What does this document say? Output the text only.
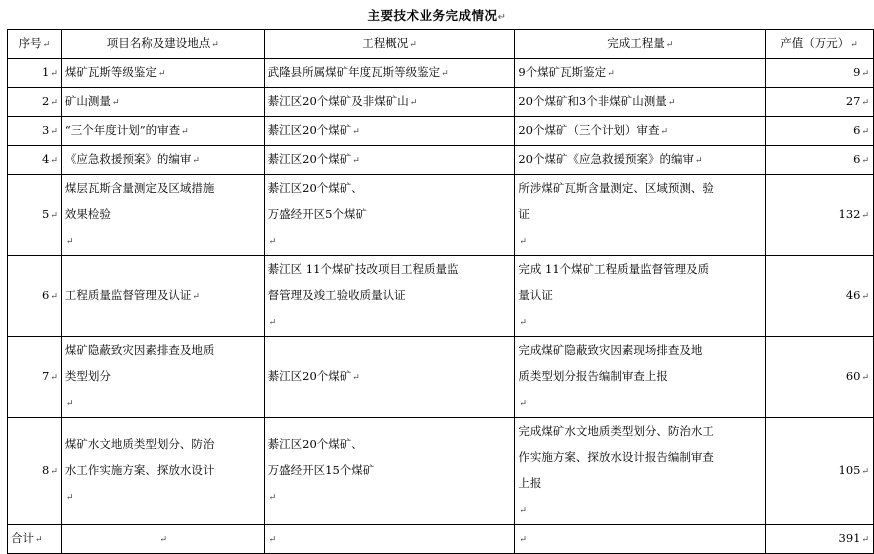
主要技术业务完成情况↵
序号↵	项目名称及建设地点↵	工程概况↵	完成工程量↵	产值（万元）↵
1↵	煤矿瓦斯等级鉴定↵	武隆县所属煤矿年度瓦斯等级鉴定↵	9个煤矿瓦斯鉴定↵	9↵
2↵	矿山测量↵	綦江区20个煤矿及非煤矿山↵	20个煤矿和3个非煤矿山测量↵	27↵
3↵	“三个年度计划”的审查↵	綦江区20个煤矿↵	20个煤矿（三个计划）审查↵	6↵
4↵	《应急救援预案》的编审↵	綦江区20个煤矿↵	20个煤矿《应急救援预案》的编审↵	6↵
5↵	煤层瓦斯含量测定及区域措施
效果检验
↵	綦江区20个煤矿、
万盛经开区5个煤矿
↵	所涉煤矿瓦斯含量测定、区域预测、验
证
↵	132↵
6↵	工程质量监督管理及认证↵	綦江区 11个煤矿技改项目工程质量监
督管理及竣工验收质量认证
↵	完成 11个煤矿工程质量监督管理及质
量认证
↵	46↵
7↵	煤矿隐蔽致灾因素排查及地质
类型划分
↵	綦江区20个煤矿↵	完成煤矿隐蔽致灾因素现场排查及地
质类型划分报告编制审查上报
↵	60↵
8↵	煤矿水文地质类型划分、防治
水工作实施方案、探放水设计
↵	綦江区20个煤矿、
万盛经开区15个煤矿
↵	完成煤矿水文地质类型划分、防治水工
作实施方案、探放水设计报告编制审查
上报
↵	105↵
合计↵	↵	↵	↵	391↵
